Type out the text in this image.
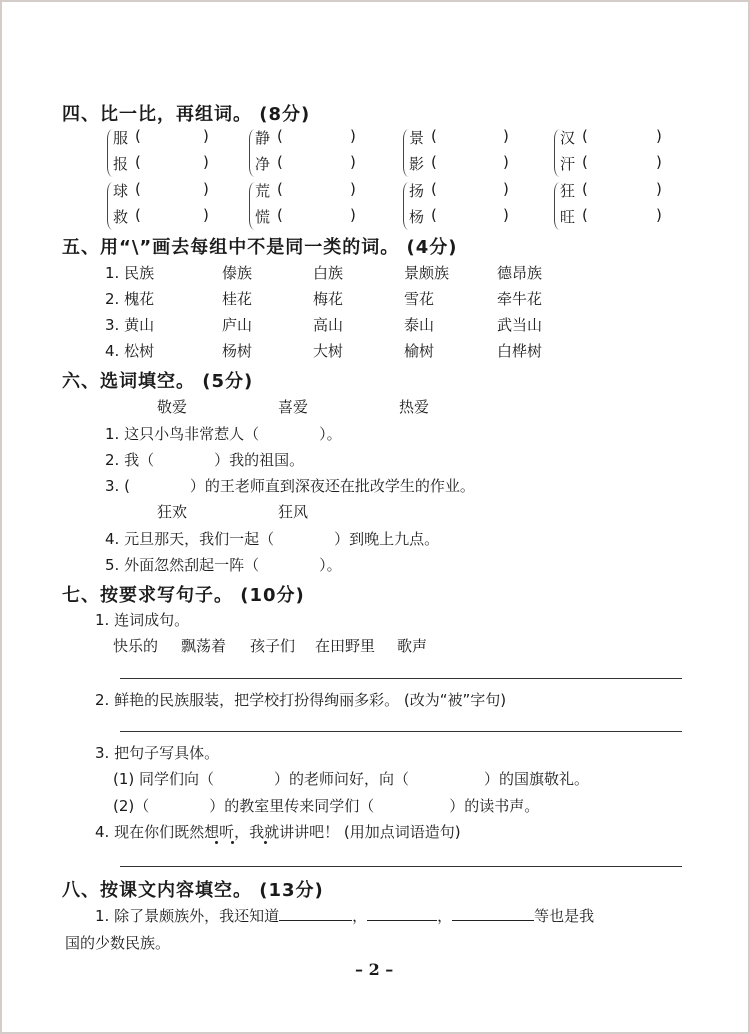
四、比一比，再组词。 (8分)
服 (	)
报 (	)
静 (	)
净 (	)
景 (	)
影 (	)
汉 (	)
汗 (	)
球 (	)
救 (	)
荒 (	)
慌 (	)
扬 (	)
杨 (	)
狂 (	)
旺 (	)
五、用“\”画去每组中不是同一类的词。 (4分)
1. 民族	傣族	白族	景颇族	德昂族
2. 槐花	桂花	梅花	雪花	牵牛花
3. 黄山	庐山	高山	泰山	武当山
4. 松树	杨树	大树	榆树	白桦树
六、选词填空。 (5分)
敬爱	喜爱	热爱
1. 这只小鸟非常惹人（　　　　）。
2. 我（　　　　）我的祖国。
3. (　　　　）的王老师直到深夜还在批改学生的作业。
狂欢	狂风
4. 元旦那天，我们一起（　　　　）到晚上九点。
5. 外面忽然刮起一阵（　　　　）。
七、按要求写句子。 (10分)
1. 连词成句。
快乐的 飘荡着 孩子们 在田野里 歌声
2. 鲜艳的民族服装，把学校打扮得绚丽多彩。 (改为“被”字句)
3. 把句子写具体。
(1) 同学们向（　　　　）的老师问好，向（　　　　　）的国旗敬礼。
(2)（　　　　）的教室里传来同学们（　　　　　）的读书声。
4. 现在你们既然想听，我就讲讲吧！ (用加点词语造句)
八、按课文内容填空。 (13分)
1. 除了景颇族外，我还知道	，	，	等也是我
国的少数民族。
– 2 –
